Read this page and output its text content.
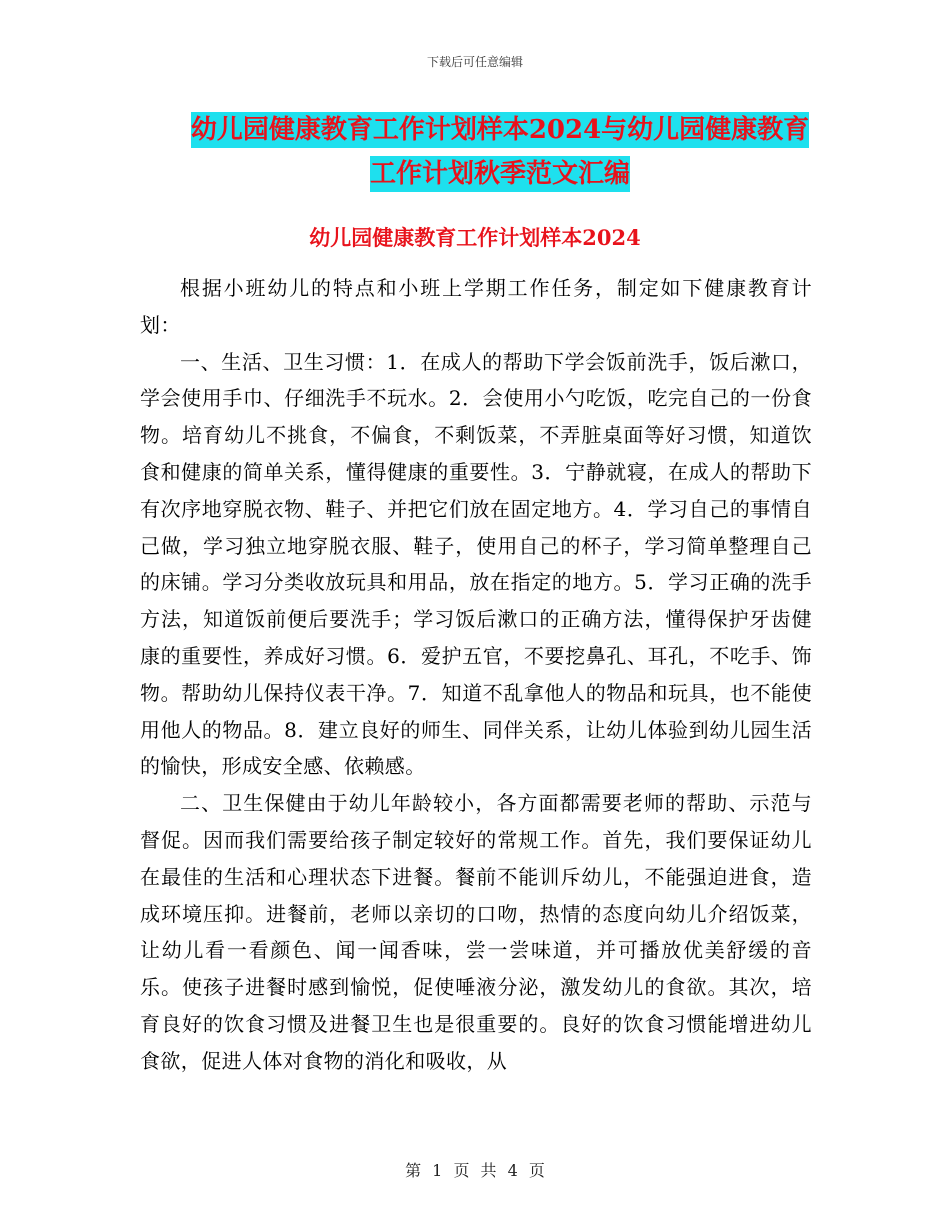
下载后可任意编辑
幼儿园健康教育工作计划样本2024与幼儿园健康教育
工作计划秋季范文汇编
幼儿园健康教育工作计划样本2024

根据小班幼儿的特点和小班上学期工作任务，制定如下健康教育计划：

一、生活、卫生习惯：1．在成人的帮助下学会饭前洗手，饭后漱口，学会使用手巾、仔细洗手不玩水。2．会使用小勺吃饭，吃完自己的一份食物。培育幼儿不挑食，不偏食，不剩饭菜，不弄脏桌面等好习惯，知道饮食和健康的简单关系，懂得健康的重要性。3．宁静就寝，在成人的帮助下有次序地穿脱衣物、鞋子、并把它们放在固定地方。4．学习自己的事情自己做，学习独立地穿脱衣服、鞋子，使用自己的杯子，学习简单整理自己的床铺。学习分类收放玩具和用品，放在指定的地方。5．学习正确的洗手方法，知道饭前便后要洗手；学习饭后漱口的正确方法，懂得保护牙齿健康的重要性，养成好习惯。6．爱护五官，不要挖鼻孔、耳孔，不吃手、饰物。帮助幼儿保持仪表干净。7．知道不乱拿他人的物品和玩具，也不能使用他人的物品。8．建立良好的师生、同伴关系，让幼儿体验到幼儿园生活的愉快，形成安全感、依赖感。

二、卫生保健由于幼儿年龄较小，各方面都需要老师的帮助、示范与督促。因而我们需要给孩子制定较好的常规工作。首先，我们要保证幼儿在最佳的生活和心理状态下进餐。餐前不能训斥幼儿，不能强迫进食，造成环境压抑。进餐前，老师以亲切的口吻，热情的态度向幼儿介绍饭菜，让幼儿看一看颜色、闻一闻香味，尝一尝味道，并可播放优美舒缓的音乐。使孩子进餐时感到愉悦，促使唾液分泌，激发幼儿的食欲。其次，培育良好的饮食习惯及进餐卫生也是很重要的。良好的饮食习惯能增进幼儿食欲，促进人体对食物的消化和吸收，从

第 1 页 共 4 页
